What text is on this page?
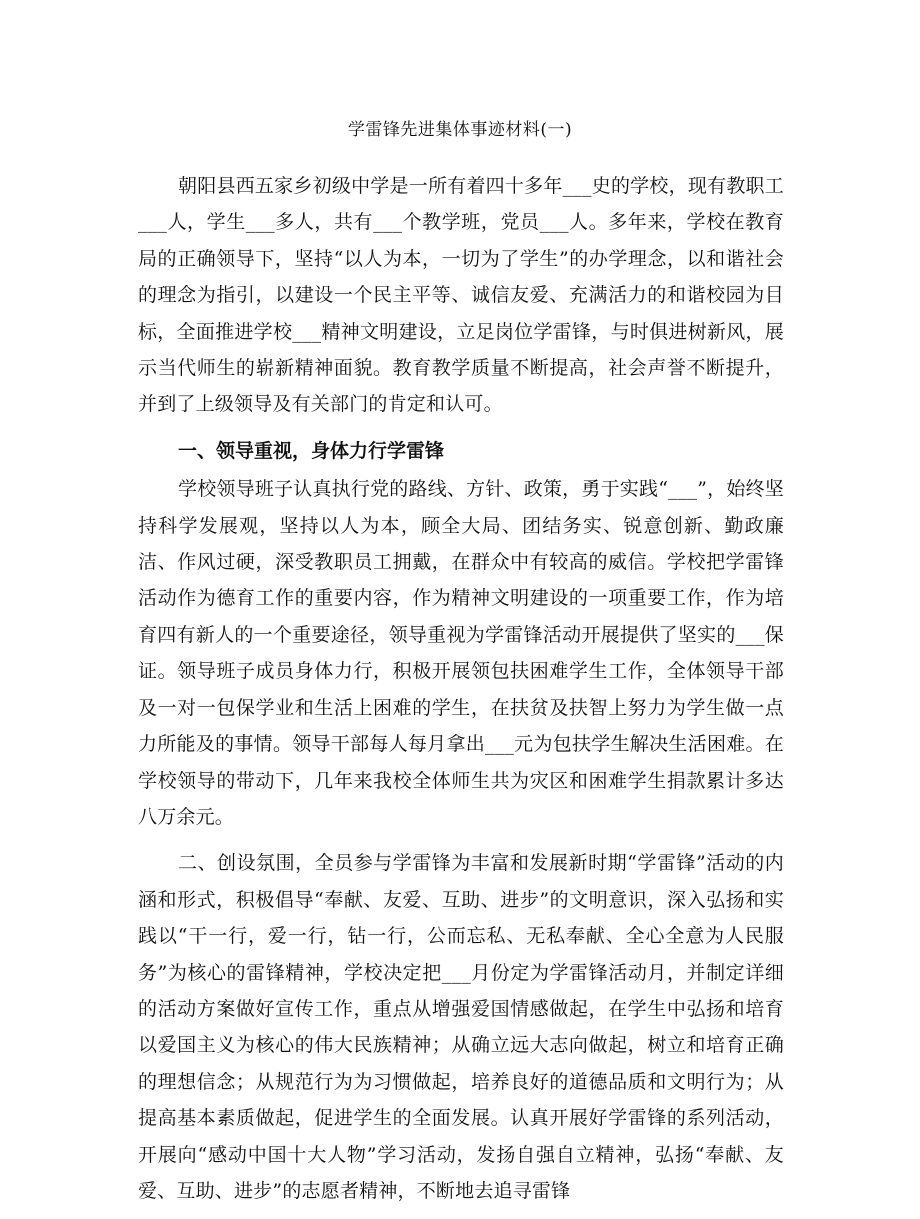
学雷锋先进集体事迹材料(一)

朝阳县西五家乡初级中学是一所有着四十多年___史的学校，现有教职工___人，学生___多人，共有___个教学班，党员___人。多年来，学校在教育局的正确领导下，坚持“以人为本，一切为了学生”的办学理念，以和谐社会的理念为指引，以建设一个民主平等、诚信友爱、充满活力的和谐校园为目标，全面推进学校___精神文明建设，立足岗位学雷锋，与时俱进树新风，展示当代师生的崭新精神面貌。教育教学质量不断提高，社会声誉不断提升，并到了上级领导及有关部门的肯定和认可。

一、领导重视，身体力行学雷锋

学校领导班子认真执行党的路线、方针、政策，勇于实践“___”，始终坚持科学发展观，坚持以人为本，顾全大局、团结务实、锐意创新、勤政廉洁、作风过硬，深受教职员工拥戴，在群众中有较高的威信。学校把学雷锋活动作为德育工作的重要内容，作为精神文明建设的一项重要工作，作为培育四有新人的一个重要途径，领导重视为学雷锋活动开展提供了坚实的___保证。领导班子成员身体力行，积极开展领包扶困难学生工作，全体领导干部及一对一包保学业和生活上困难的学生，在扶贫及扶智上努力为学生做一点力所能及的事情。领导干部每人每月拿出___元为包扶学生解决生活困难。在学校领导的带动下，几年来我校全体师生共为灾区和困难学生捐款累计多达八万余元。

二、创设氛围，全员参与学雷锋为丰富和发展新时期“学雷锋”活动的内涵和形式，积极倡导“奉献、友爱、互助、进步”的文明意识，深入弘扬和实践以“干一行，爱一行，钻一行，公而忘私、无私奉献、全心全意为人民服务”为核心的雷锋精神，学校决定把___月份定为学雷锋活动月，并制定详细的活动方案做好宣传工作，重点从增强爱国情感做起，在学生中弘扬和培育以爱国主义为核心的伟大民族精神；从确立远大志向做起，树立和培育正确的理想信念；从规范行为为习惯做起，培养良好的道德品质和文明行为；从提高基本素质做起，促进学生的全面发展。认真开展好学雷锋的系列活动，开展向“感动中国十大人物”学习活动，发扬自强自立精神，弘扬“奉献、友爱、互助、进步”的志愿者精神，不断地去追寻雷锋
